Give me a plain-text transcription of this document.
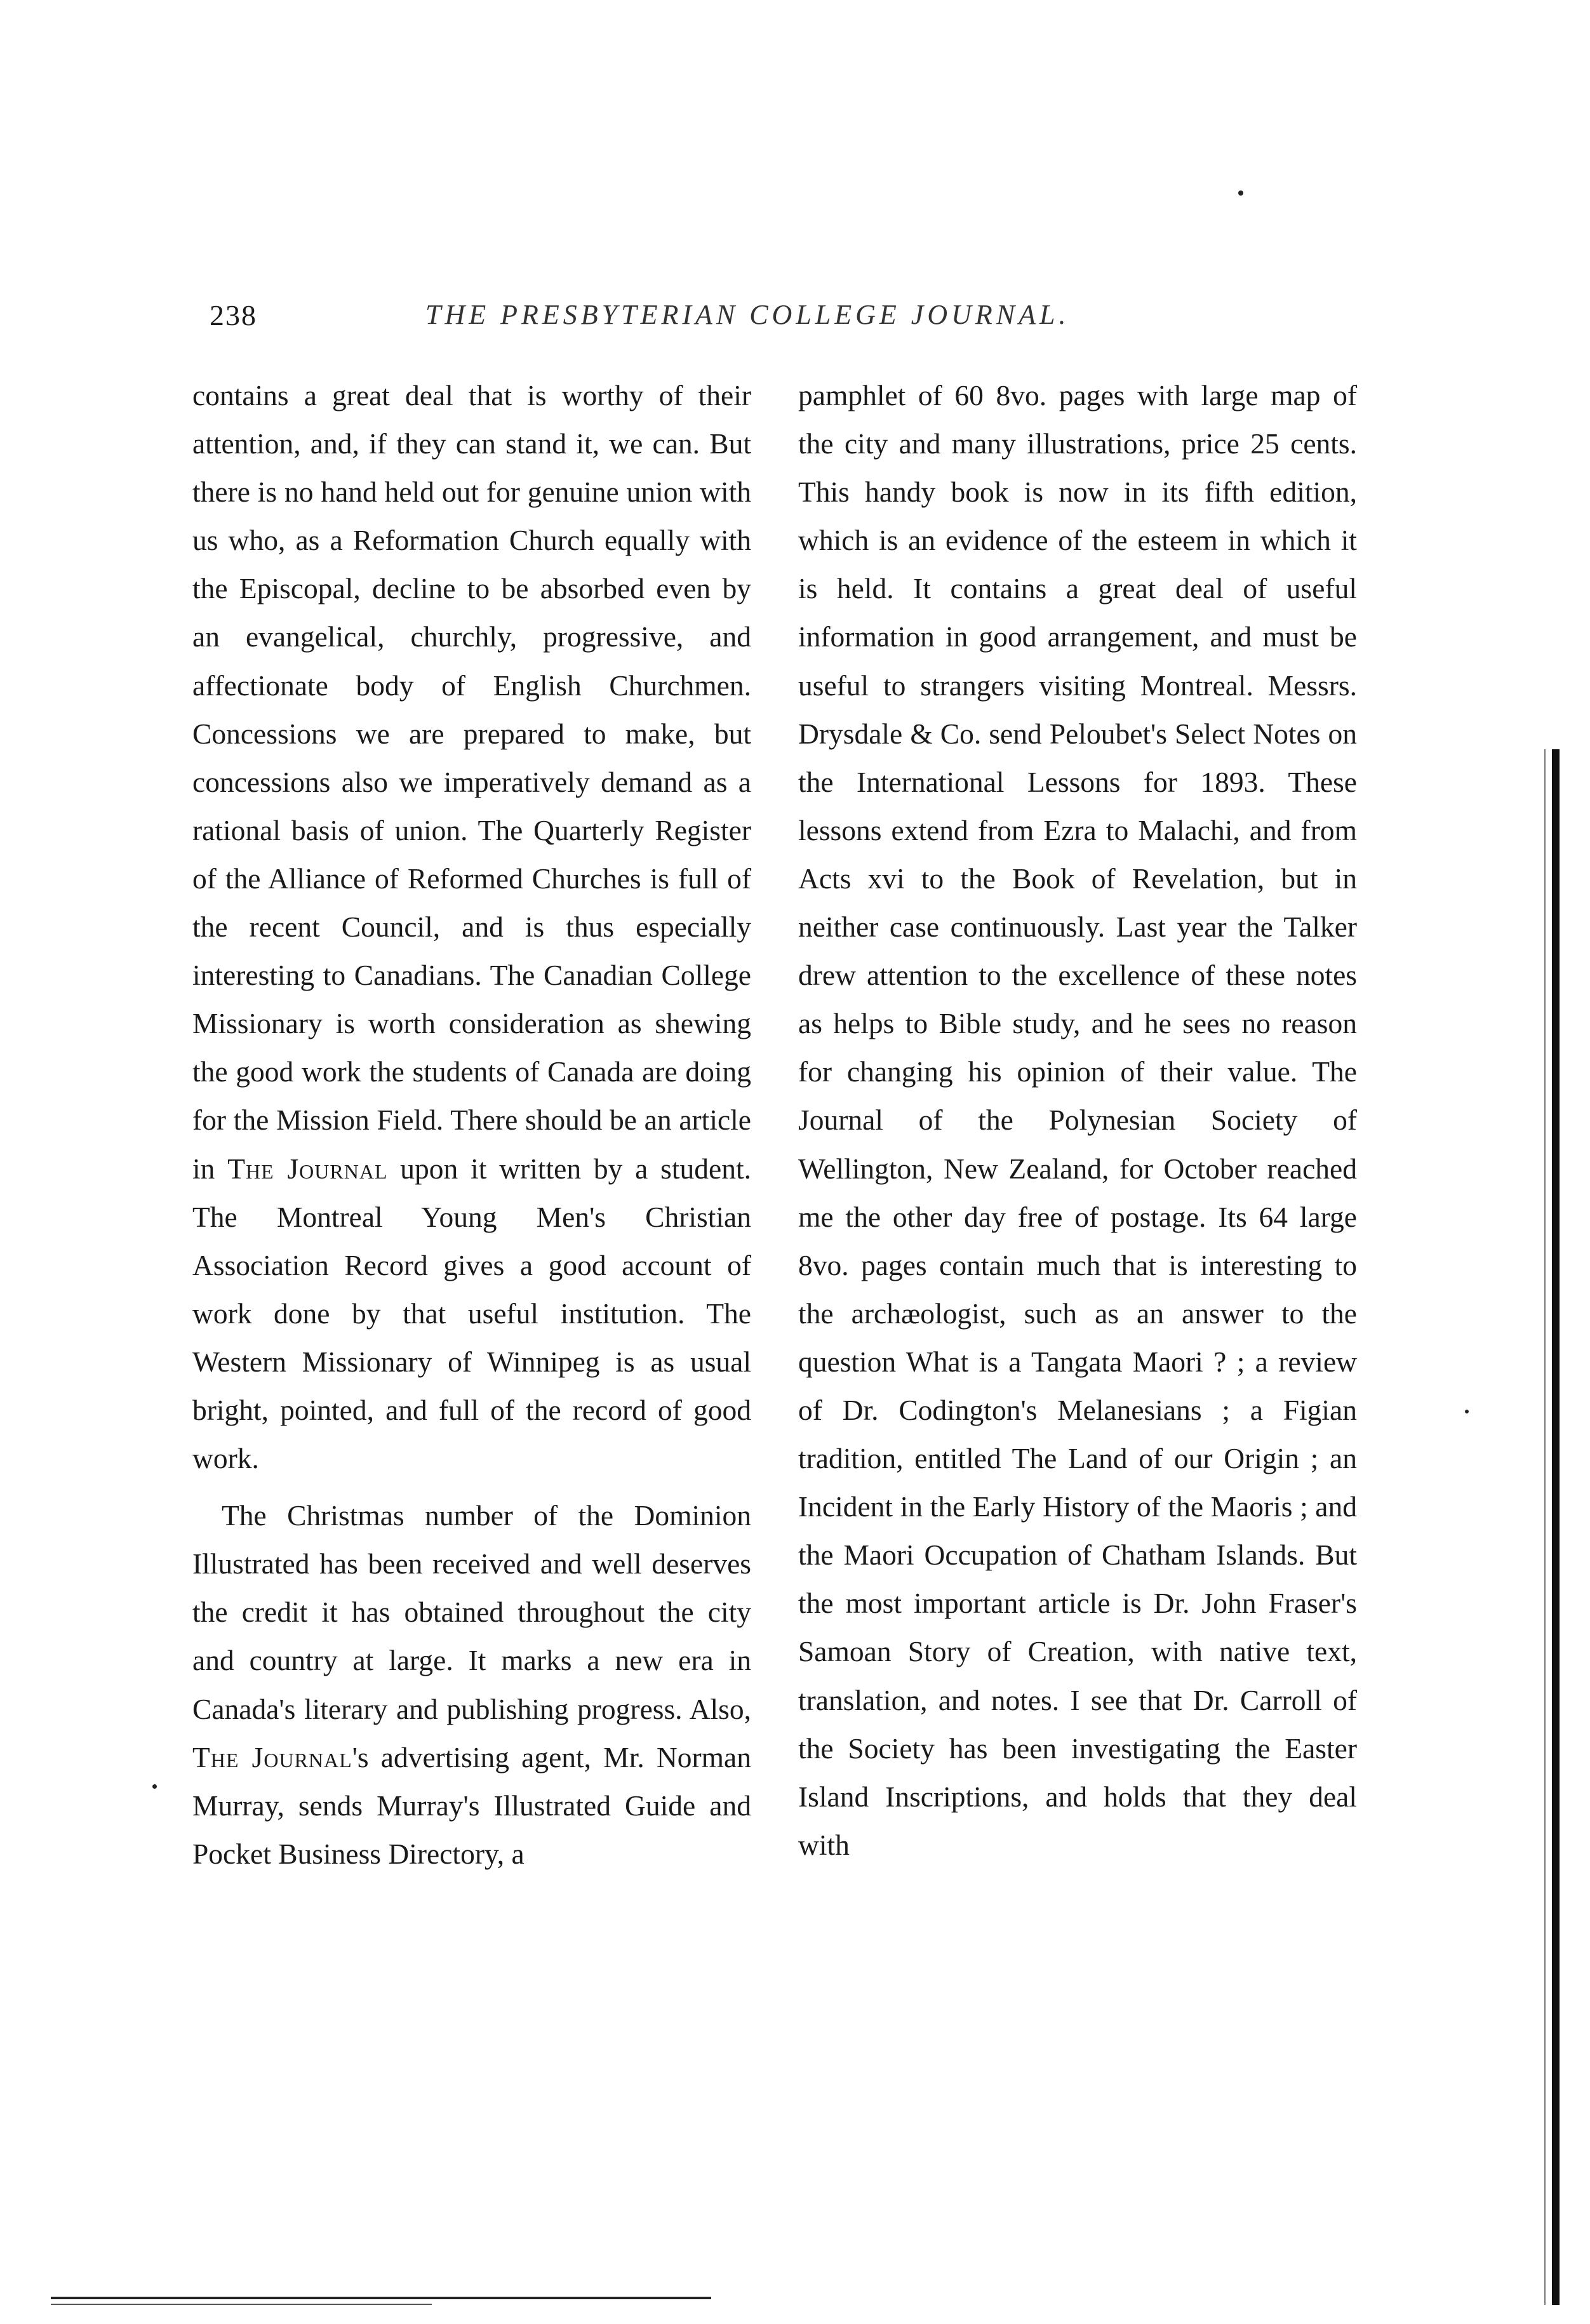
238	THE PRESBYTERIAN COLLEGE JOURNAL.

contains a great deal that is worthy of their attention, and, if they can stand it, we can. But there is no hand held out for genuine union with us who, as a Reformation Church equally with the Episcopal, decline to be absorbed even by an evangelical, churchly, progressive, and affectionate body of English Churchmen. Concessions we are prepared to make, but concessions also we imperatively demand as a rational basis of union. The Quarterly Register of the Alliance of Reformed Churches is full of the recent Council, and is thus especially interesting to Canadians. The Canadian College Missionary is worth consideration as shewing the good work the students of Canada are doing for the Mission Field. There should be an article in The Journal upon it written by a student. The Montreal Young Men's Christian Association Record gives a good account of work done by that useful institution. The Western Missionary of Winnipeg is as usual bright, pointed, and full of the record of good work.

The Christmas number of the Dominion Illustrated has been received and well deserves the credit it has obtained throughout the city and country at large. It marks a new era in Canada's literary and publishing progress. Also, The Journal's advertising agent, Mr. Norman Murray, sends Murray's Illustrated Guide and Pocket Business Directory, a

pamphlet of 60 8vo. pages with large map of the city and many illustrations, price 25 cents. This handy book is now in its fifth edition, which is an evidence of the esteem in which it is held. It contains a great deal of useful information in good arrangement, and must be useful to strangers visiting Montreal. Messrs. Drysdale & Co. send Peloubet's Select Notes on the International Lessons for 1893. These lessons extend from Ezra to Malachi, and from Acts xvi to the Book of Revelation, but in neither case continuously. Last year the Talker drew attention to the excellence of these notes as helps to Bible study, and he sees no reason for changing his opinion of their value. The Journal of the Polynesian Society of Wellington, New Zealand, for October reached me the other day free of postage. Its 64 large 8vo. pages contain much that is interesting to the archæologist, such as an answer to the question What is a Tangata Maori ? ; a review of Dr. Codington's Melanesians ; a Figian tradition, entitled The Land of our Origin ; an Incident in the Early History of the Maoris ; and the Maori Occupation of Chatham Islands. But the most important article is Dr. John Fraser's Samoan Story of Creation, with native text, translation, and notes. I see that Dr. Carroll of the Society has been investigating the Easter Island Inscriptions, and holds that they deal with
